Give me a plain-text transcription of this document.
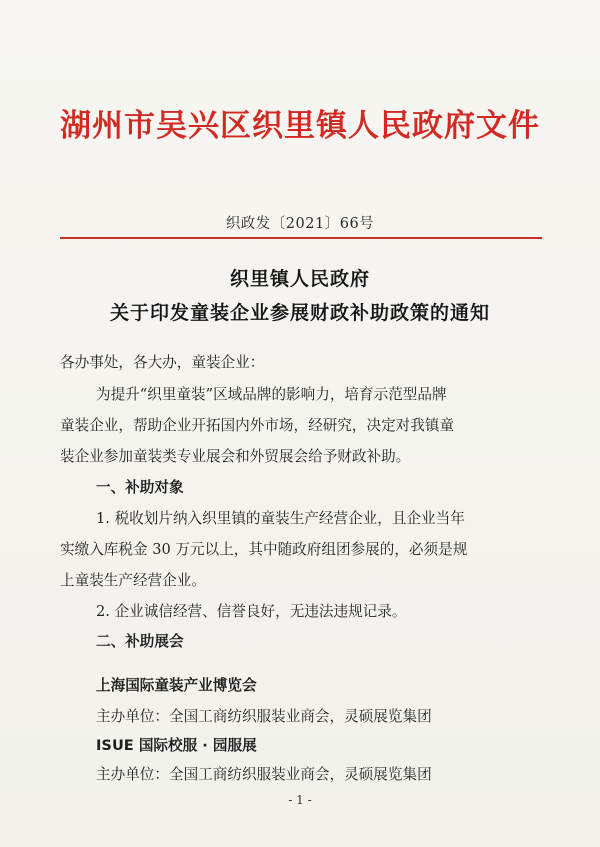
湖州市吴兴区织里镇人民政府文件
织政发〔2021〕66号
织里镇人民政府
关于印发童装企业参展财政补助政策的通知
各办事处，各大办，童装企业：
为提升“织里童装”区域品牌的影响力，培育示范型品牌
童装企业，帮助企业开拓国内外市场，经研究，决定对我镇童
装企业参加童装类专业展会和外贸展会给予财政补助。
一、补助对象
1. 税收划片纳入织里镇的童装生产经营企业，且企业当年
实缴入库税金 30 万元以上，其中随政府组团参展的，必须是规
上童装生产经营企业。
2. 企业诚信经营、信誉良好，无违法违规记录。
二、补助展会
上海国际童装产业博览会
主办单位：全国工商纺织服装业商会，灵硕展览集团
ISUE 国际校服 · 园服展
主办单位：全国工商纺织服装业商会，灵硕展览集团
- 1 -
